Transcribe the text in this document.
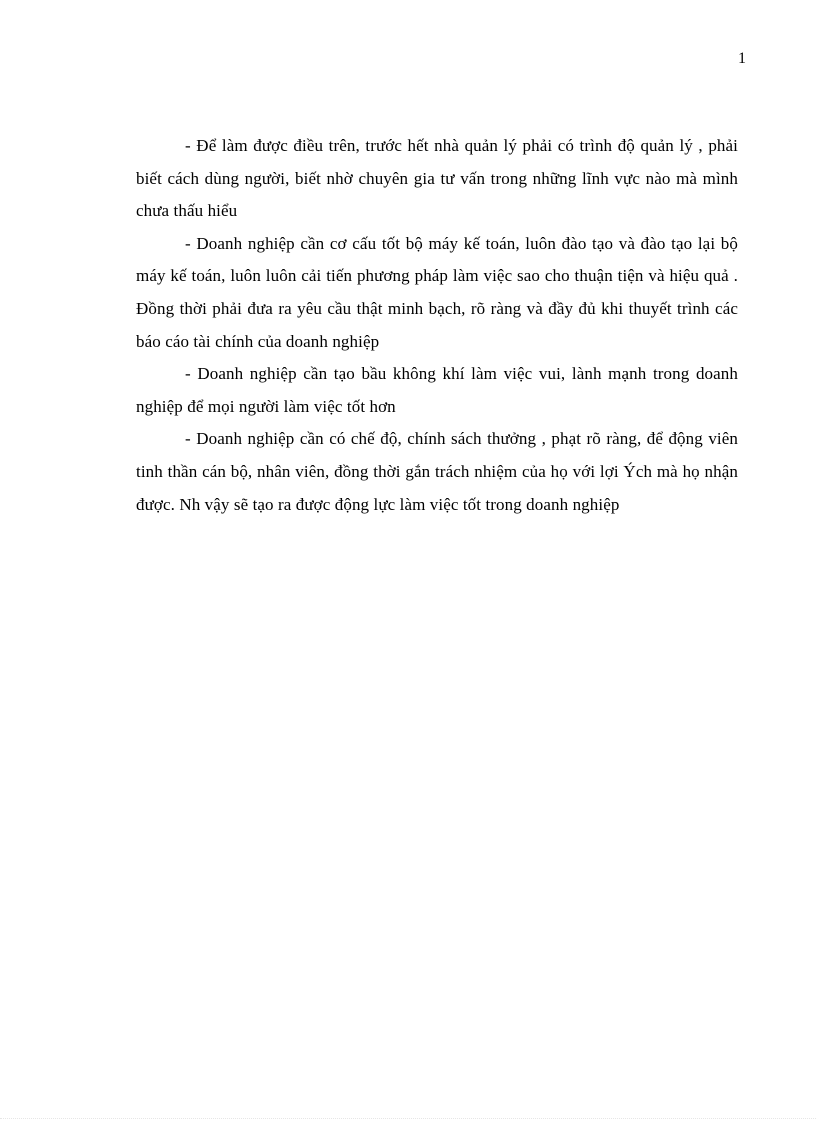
1

- Để làm được điều trên, trước hết nhà quản lý phải có trình độ quản lý , phải biết cách dùng người, biết nhờ chuyên gia tư vấn trong những lĩnh vực nào mà mình chưa thấu hiểu

- Doanh nghiệp cần cơ cấu tốt bộ máy kế toán, luôn đào tạo và đào tạo lại bộ máy kế toán, luôn luôn cải tiến phương pháp làm việc sao cho thuận tiện và hiệu quả . Đồng thời phải đưa ra yêu cầu thật minh bạch, rõ ràng và đầy đủ khi thuyết trình các báo cáo tài chính của doanh nghiệp

- Doanh nghiệp cần tạo bầu không khí làm việc vui, lành mạnh trong doanh nghiệp để mọi người làm việc tốt hơn

- Doanh nghiệp cần có chế độ, chính sách thưởng , phạt rõ ràng, để động viên tinh thần cán bộ, nhân viên, đồng thời gắn trách nhiệm của họ với lợi Ých mà họ nhận được. Nh vậy sẽ tạo ra được động lực làm việc tốt trong doanh nghiệp
